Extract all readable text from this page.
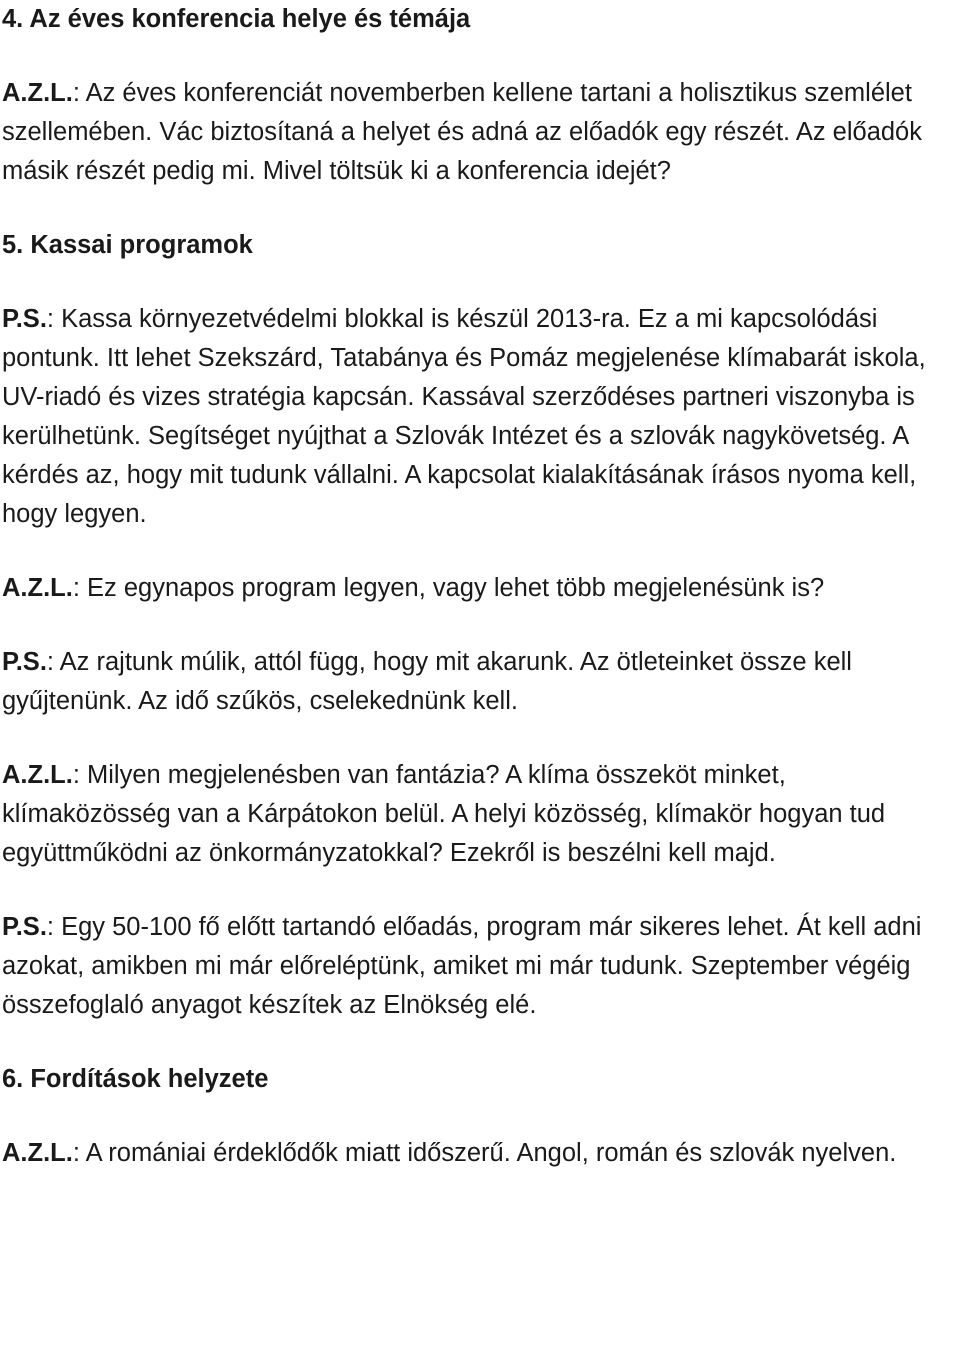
4. Az éves konferencia helye és témája

A.Z.L.: Az éves konferenciát novemberben kellene tartani a holisztikus szemlélet szellemében. Vác biztosítaná a helyet és adná az előadók egy részét. Az előadók másik részét pedig mi. Mivel töltsük ki a konferencia idejét?

5. Kassai programok

P.S.: Kassa környezetvédelmi blokkal is készül 2013-ra. Ez a mi kapcsolódási pontunk. Itt lehet Szekszárd, Tatabánya és Pomáz megjelenése klímabarát iskola, UV-riadó és vizes stratégia kapcsán. Kassával szerződéses partneri viszonyba is kerülhetünk. Segítséget nyújthat a Szlovák Intézet és a szlovák nagykövetség. A kérdés az, hogy mit tudunk vállalni. A kapcsolat kialakításának írásos nyoma kell, hogy legyen.

A.Z.L.: Ez egynapos program legyen, vagy lehet több megjelenésünk is?

P.S.: Az rajtunk múlik, attól függ, hogy mit akarunk. Az ötleteinket össze kell gyűjtenünk. Az idő szűkös, cselekednünk kell.

A.Z.L.: Milyen megjelenésben van fantázia? A klíma összeköt minket, klímaközösség van a Kárpátokon belül. A helyi közösség, klímakör hogyan tud együttműködni az önkormányzatokkal? Ezekről is beszélni kell majd.

P.S.: Egy 50-100 fő előtt tartandó előadás, program már sikeres lehet. Át kell adni azokat, amikben mi már előreléptünk, amiket mi már tudunk. Szeptember végéig összefoglaló anyagot készítek az Elnökség elé.

6. Fordítások helyzete

A.Z.L.: A romániai érdeklődők miatt időszerű. Angol, román és szlovák nyelven.
